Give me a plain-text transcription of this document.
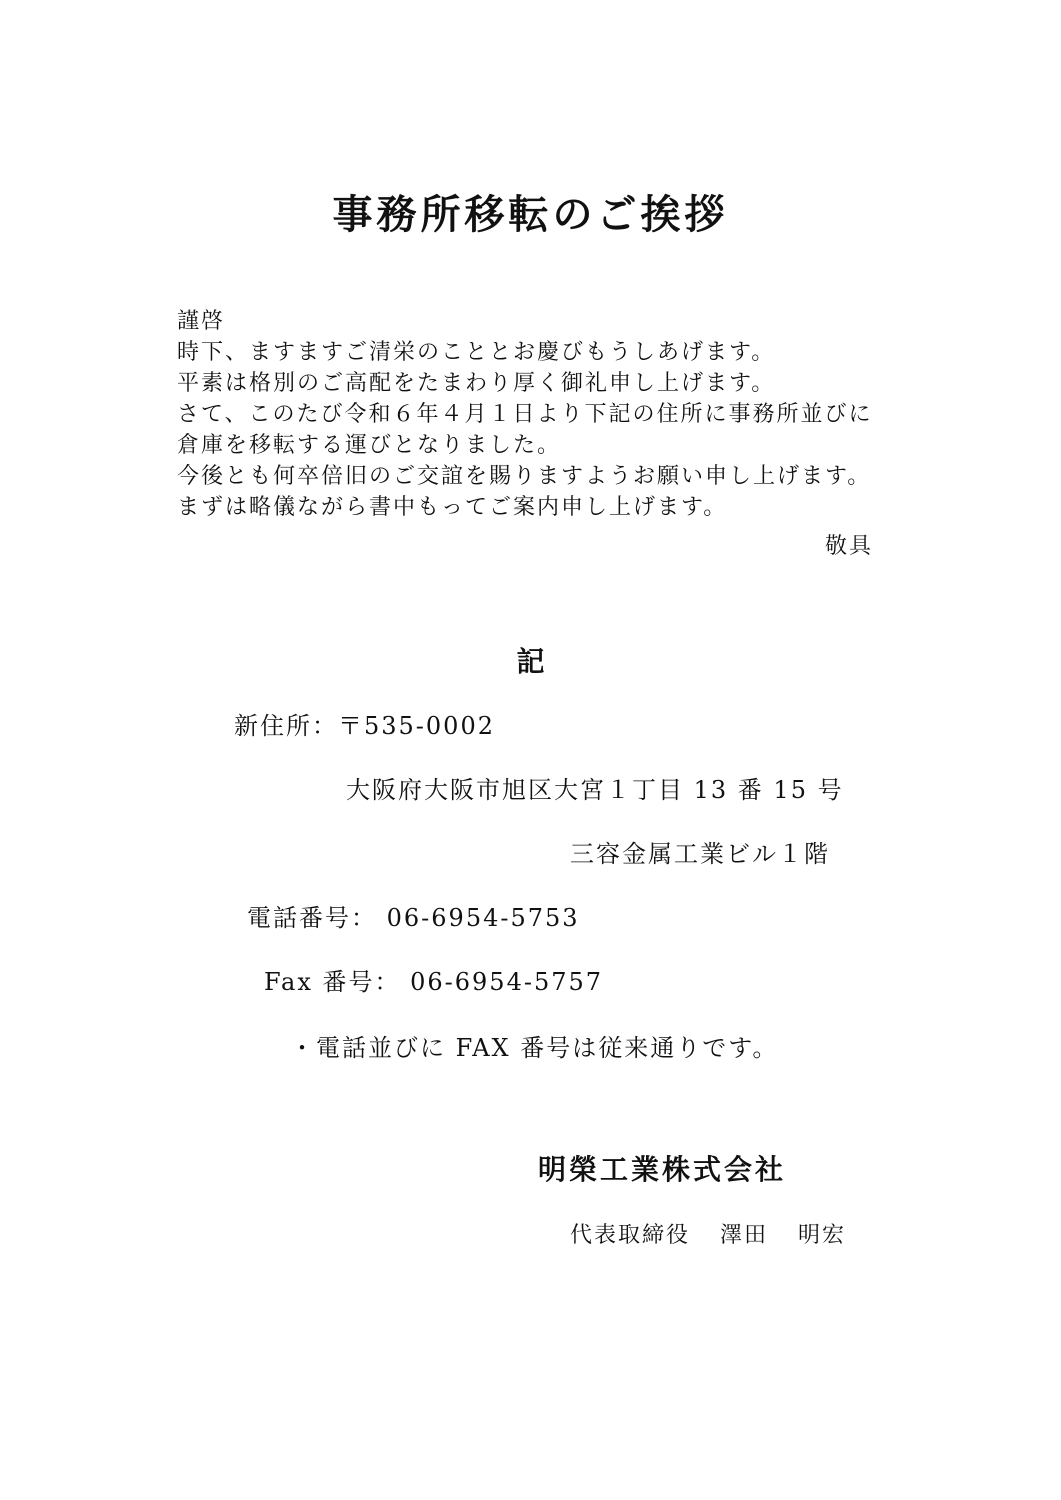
事務所移転のご挨拶
謹啓
時下、ますますご清栄のこととお慶びもうしあげます。
平素は格別のご高配をたまわり厚く御礼申し上げます。
さて、このたび令和６年４月１日より下記の住所に事務所並びに
倉庫を移転する運びとなりました。
今後とも何卒倍旧のご交誼を賜りますようお願い申し上げます。
まずは略儀ながら書中もってご案内申し上げます。
敬具
記
新住所：〒535-0002
大阪府大阪市旭区大宮１丁目 13 番 15 号
三容金属工業ビル１階
電話番号： 06-6954-5753
Fax 番号： 06-6954-5757
・電話並びに FAX 番号は従来通りです。
明榮工業株式会社
代表取締役 澤田 明宏
